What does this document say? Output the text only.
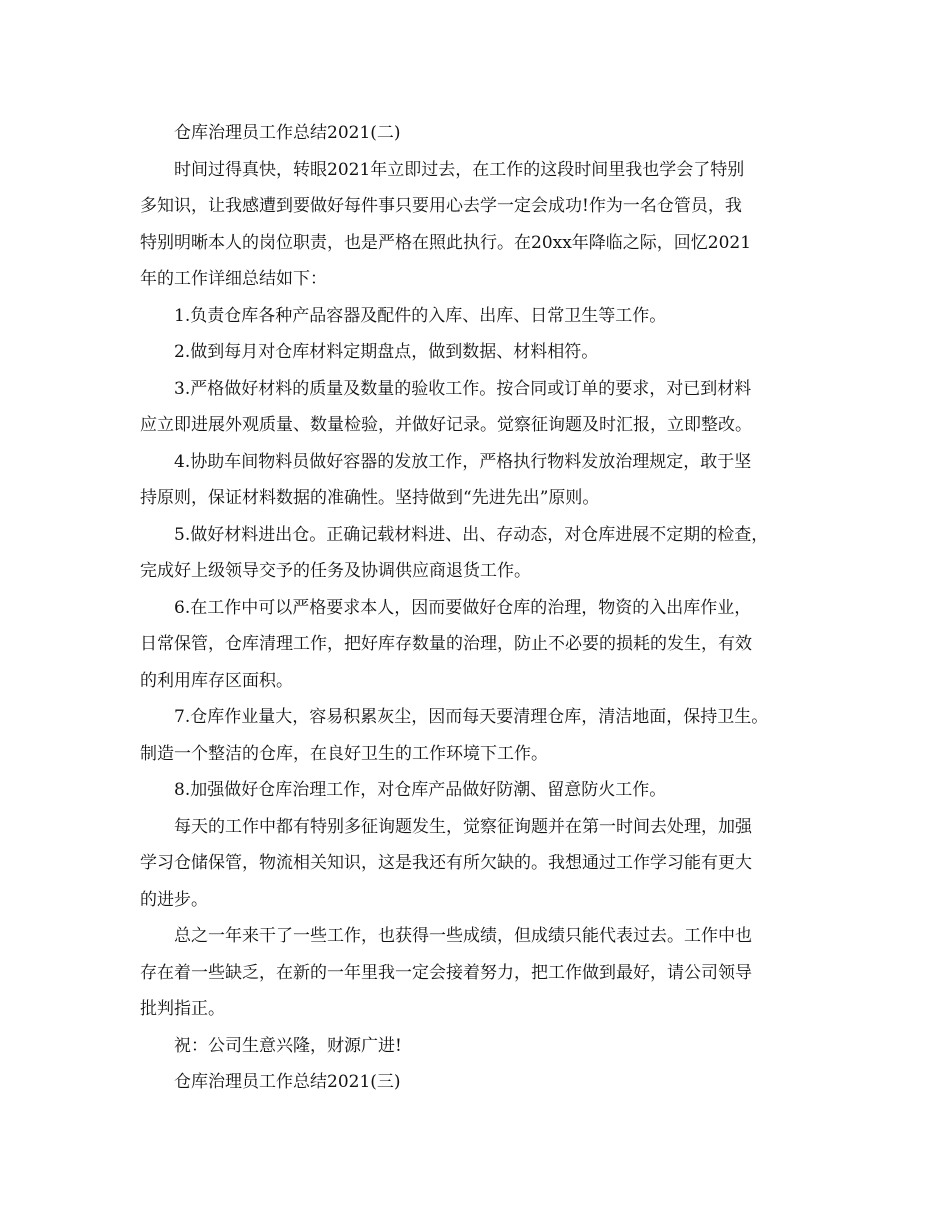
仓库治理员工作总结2021(二)
时间过得真快，转眼2021年立即过去，在工作的这段时间里我也学会了特别
多知识，让我感遭到要做好每件事只要用心去学一定会成功!作为一名仓管员，我
特别明晰本人的岗位职责，也是严格在照此执行。在20xx年降临之际，回忆2021
年的工作详细总结如下：
1.负责仓库各种产品容器及配件的入库、出库、日常卫生等工作。
2.做到每月对仓库材料定期盘点，做到数据、材料相符。
3.严格做好材料的质量及数量的验收工作。按合同或订单的要求，对已到材料
应立即进展外观质量、数量检验，并做好记录。觉察征询题及时汇报，立即整改。
4.协助车间物料员做好容器的发放工作，严格执行物料发放治理规定，敢于坚
持原则，保证材料数据的准确性。坚持做到“先进先出”原则。
5.做好材料进出仓。正确记载材料进、出、存动态，对仓库进展不定期的检查，
完成好上级领导交予的任务及协调供应商退货工作。
6.在工作中可以严格要求本人，因而要做好仓库的治理，物资的入出库作业，
日常保管，仓库清理工作，把好库存数量的治理，防止不必要的损耗的发生，有效
的利用库存区面积。
7.仓库作业量大，容易积累灰尘，因而每天要清理仓库，清洁地面，保持卫生。
制造一个整洁的仓库，在良好卫生的工作环境下工作。
8.加强做好仓库治理工作，对仓库产品做好防潮、留意防火工作。
每天的工作中都有特别多征询题发生，觉察征询题并在第一时间去处理，加强
学习仓储保管，物流相关知识，这是我还有所欠缺的。我想通过工作学习能有更大
的进步。
总之一年来干了一些工作，也获得一些成绩，但成绩只能代表过去。工作中也
存在着一些缺乏，在新的一年里我一定会接着努力，把工作做到最好，请公司领导
批判指正。
祝：公司生意兴隆，财源广进!
仓库治理员工作总结2021(三)
